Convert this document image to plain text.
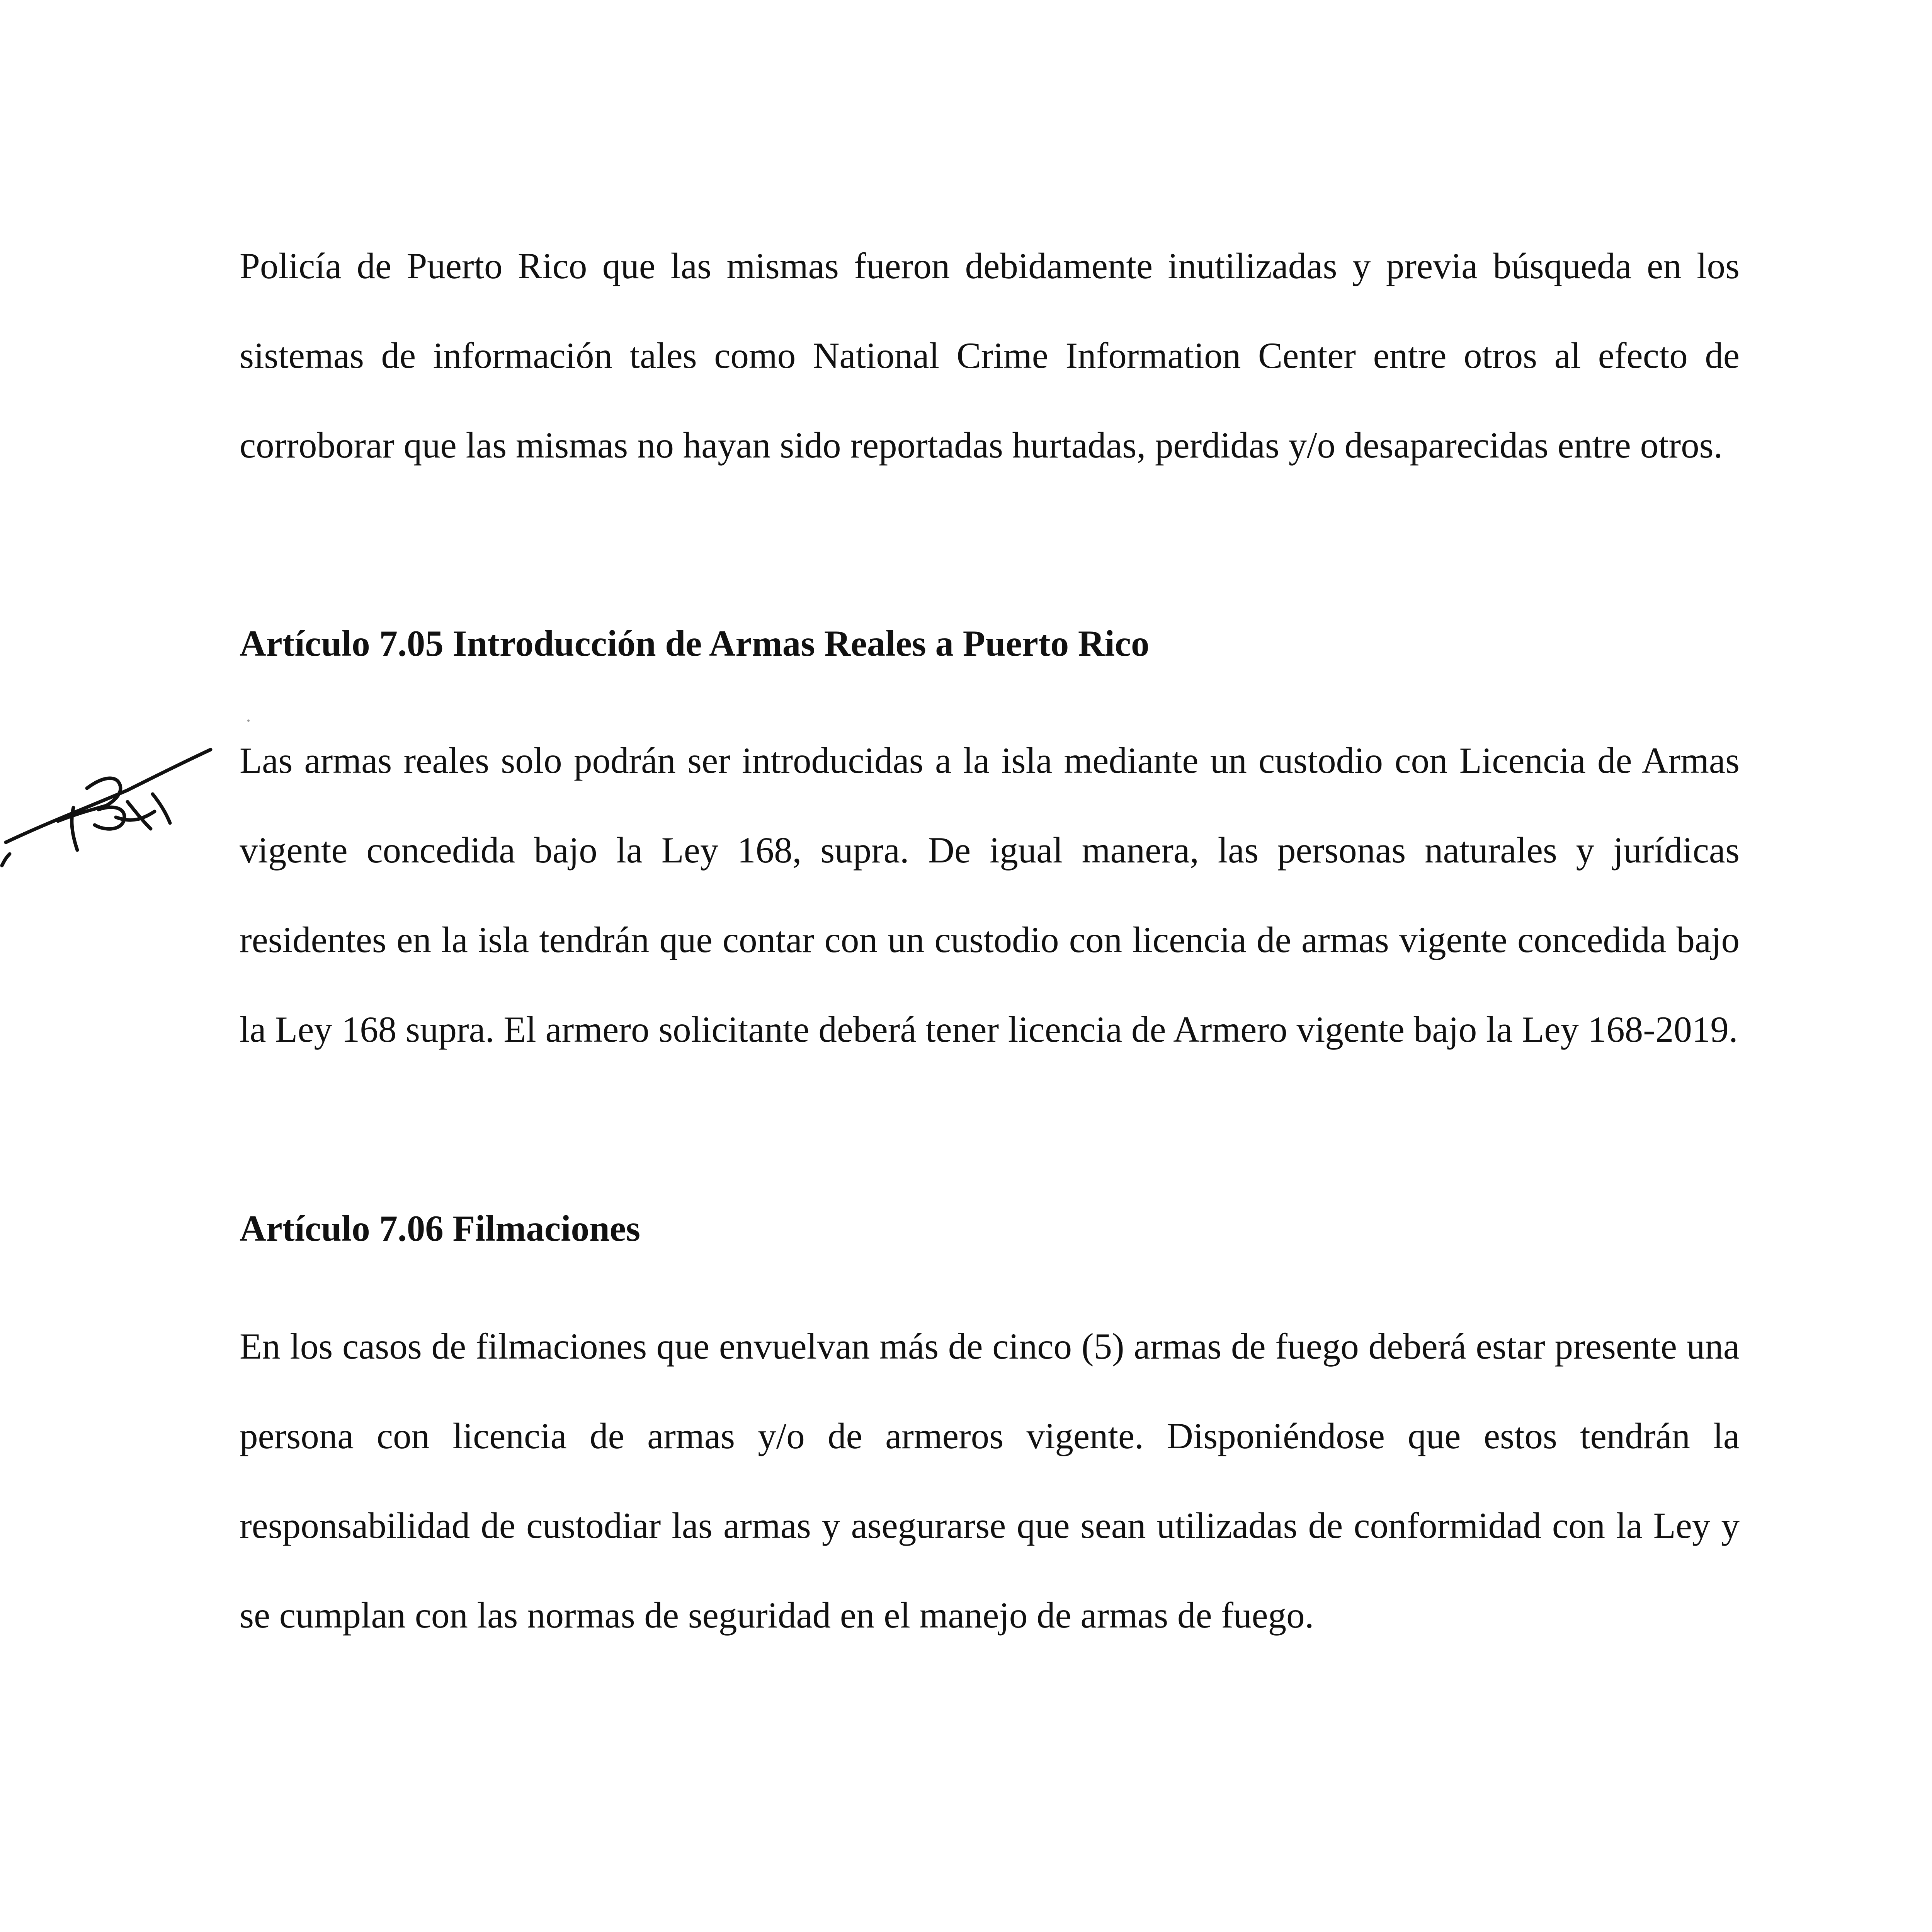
Policía de Puerto Rico que las mismas fueron debidamente inutilizadas y previa búsqueda en los sistemas de información tales como National Crime Information Center entre otros al efecto de corroborar que las mismas no hayan sido reportadas hurtadas, perdidas y/o desaparecidas entre otros.

Artículo 7.05 Introducción de Armas Reales a Puerto Rico

Las armas reales solo podrán ser introducidas a la isla mediante un custodio con Licencia de Armas vigente concedida bajo la Ley 168, supra. De igual manera, las personas naturales y jurídicas residentes en la isla tendrán que contar con un custodio con licencia de armas vigente concedida bajo la Ley 168 supra. El armero solicitante deberá tener licencia de Armero vigente bajo la Ley 168-2019.

Artículo 7.06 Filmaciones

En los casos de filmaciones que envuelvan más de cinco (5) armas de fuego deberá estar presente una persona con licencia de armas y/o de armeros vigente. Disponiéndose que estos tendrán la responsabilidad de custodiar las armas y asegurarse que sean utilizadas de conformidad con la Ley y se cumplan con las normas de seguridad en el manejo de armas de fuego.
